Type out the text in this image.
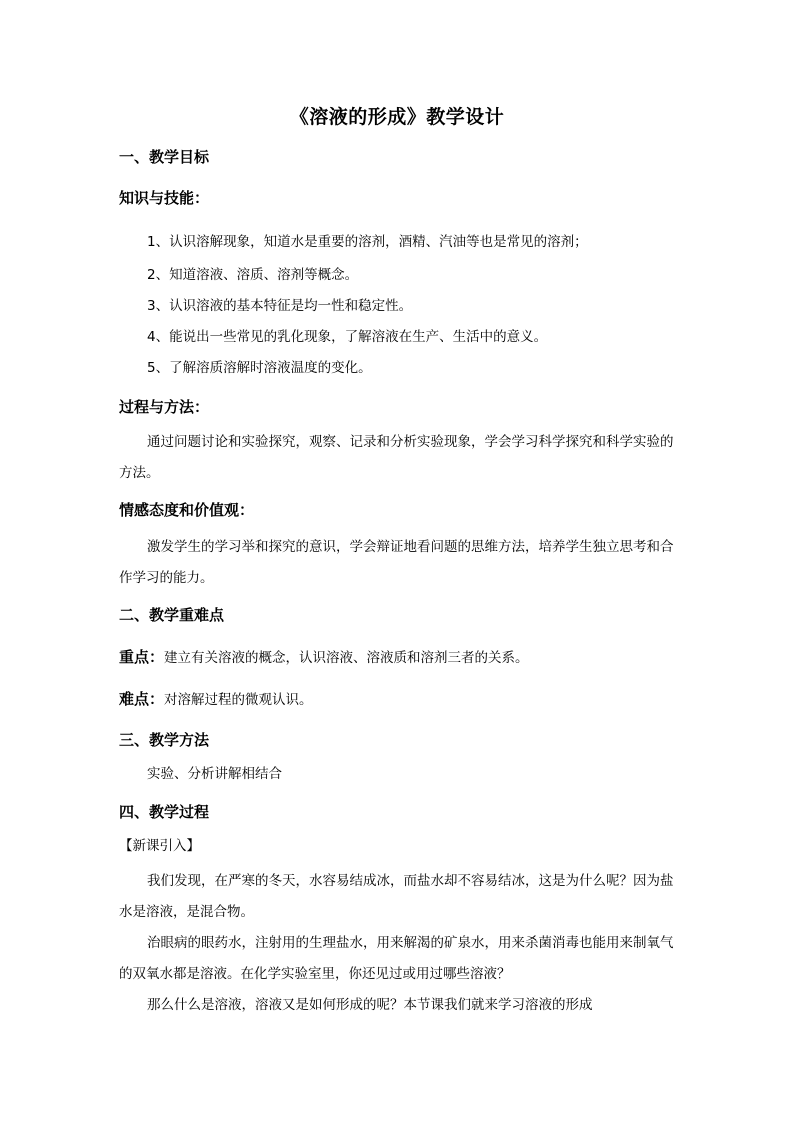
《溶液的形成》教学设计
一、教学目标
知识与技能：
1、认识溶解现象，知道水是重要的溶剂，酒精、汽油等也是常见的溶剂；
2、知道溶液、溶质、溶剂等概念。
3、认识溶液的基本特征是均一性和稳定性。
4、能说出一些常见的乳化现象，了解溶液在生产、生活中的意义。
5、了解溶质溶解时溶液温度的变化。
过程与方法：
通过问题讨论和实验探究，观察、记录和分析实验现象，学会学习科学探究和科学实验的方法。
情感态度和价值观：
激发学生的学习举和探究的意识，学会辩证地看问题的思维方法，培养学生独立思考和合作学习的能力。
二、教学重难点
重点：建立有关溶液的概念，认识溶液、溶液质和溶剂三者的关系。
难点：对溶解过程的微观认识。
三、教学方法
实验、分析讲解相结合
四、教学过程
【新课引入】
我们发现，在严寒的冬天，水容易结成冰，而盐水却不容易结冰，这是为什么呢？因为盐水是溶液，是混合物。
治眼病的眼药水，注射用的生理盐水，用来解渴的矿泉水，用来杀菌消毒也能用来制氧气的双氧水都是溶液。在化学实验室里，你还见过或用过哪些溶液？
那么什么是溶液，溶液又是如何形成的呢？本节课我们就来学习溶液的形成
